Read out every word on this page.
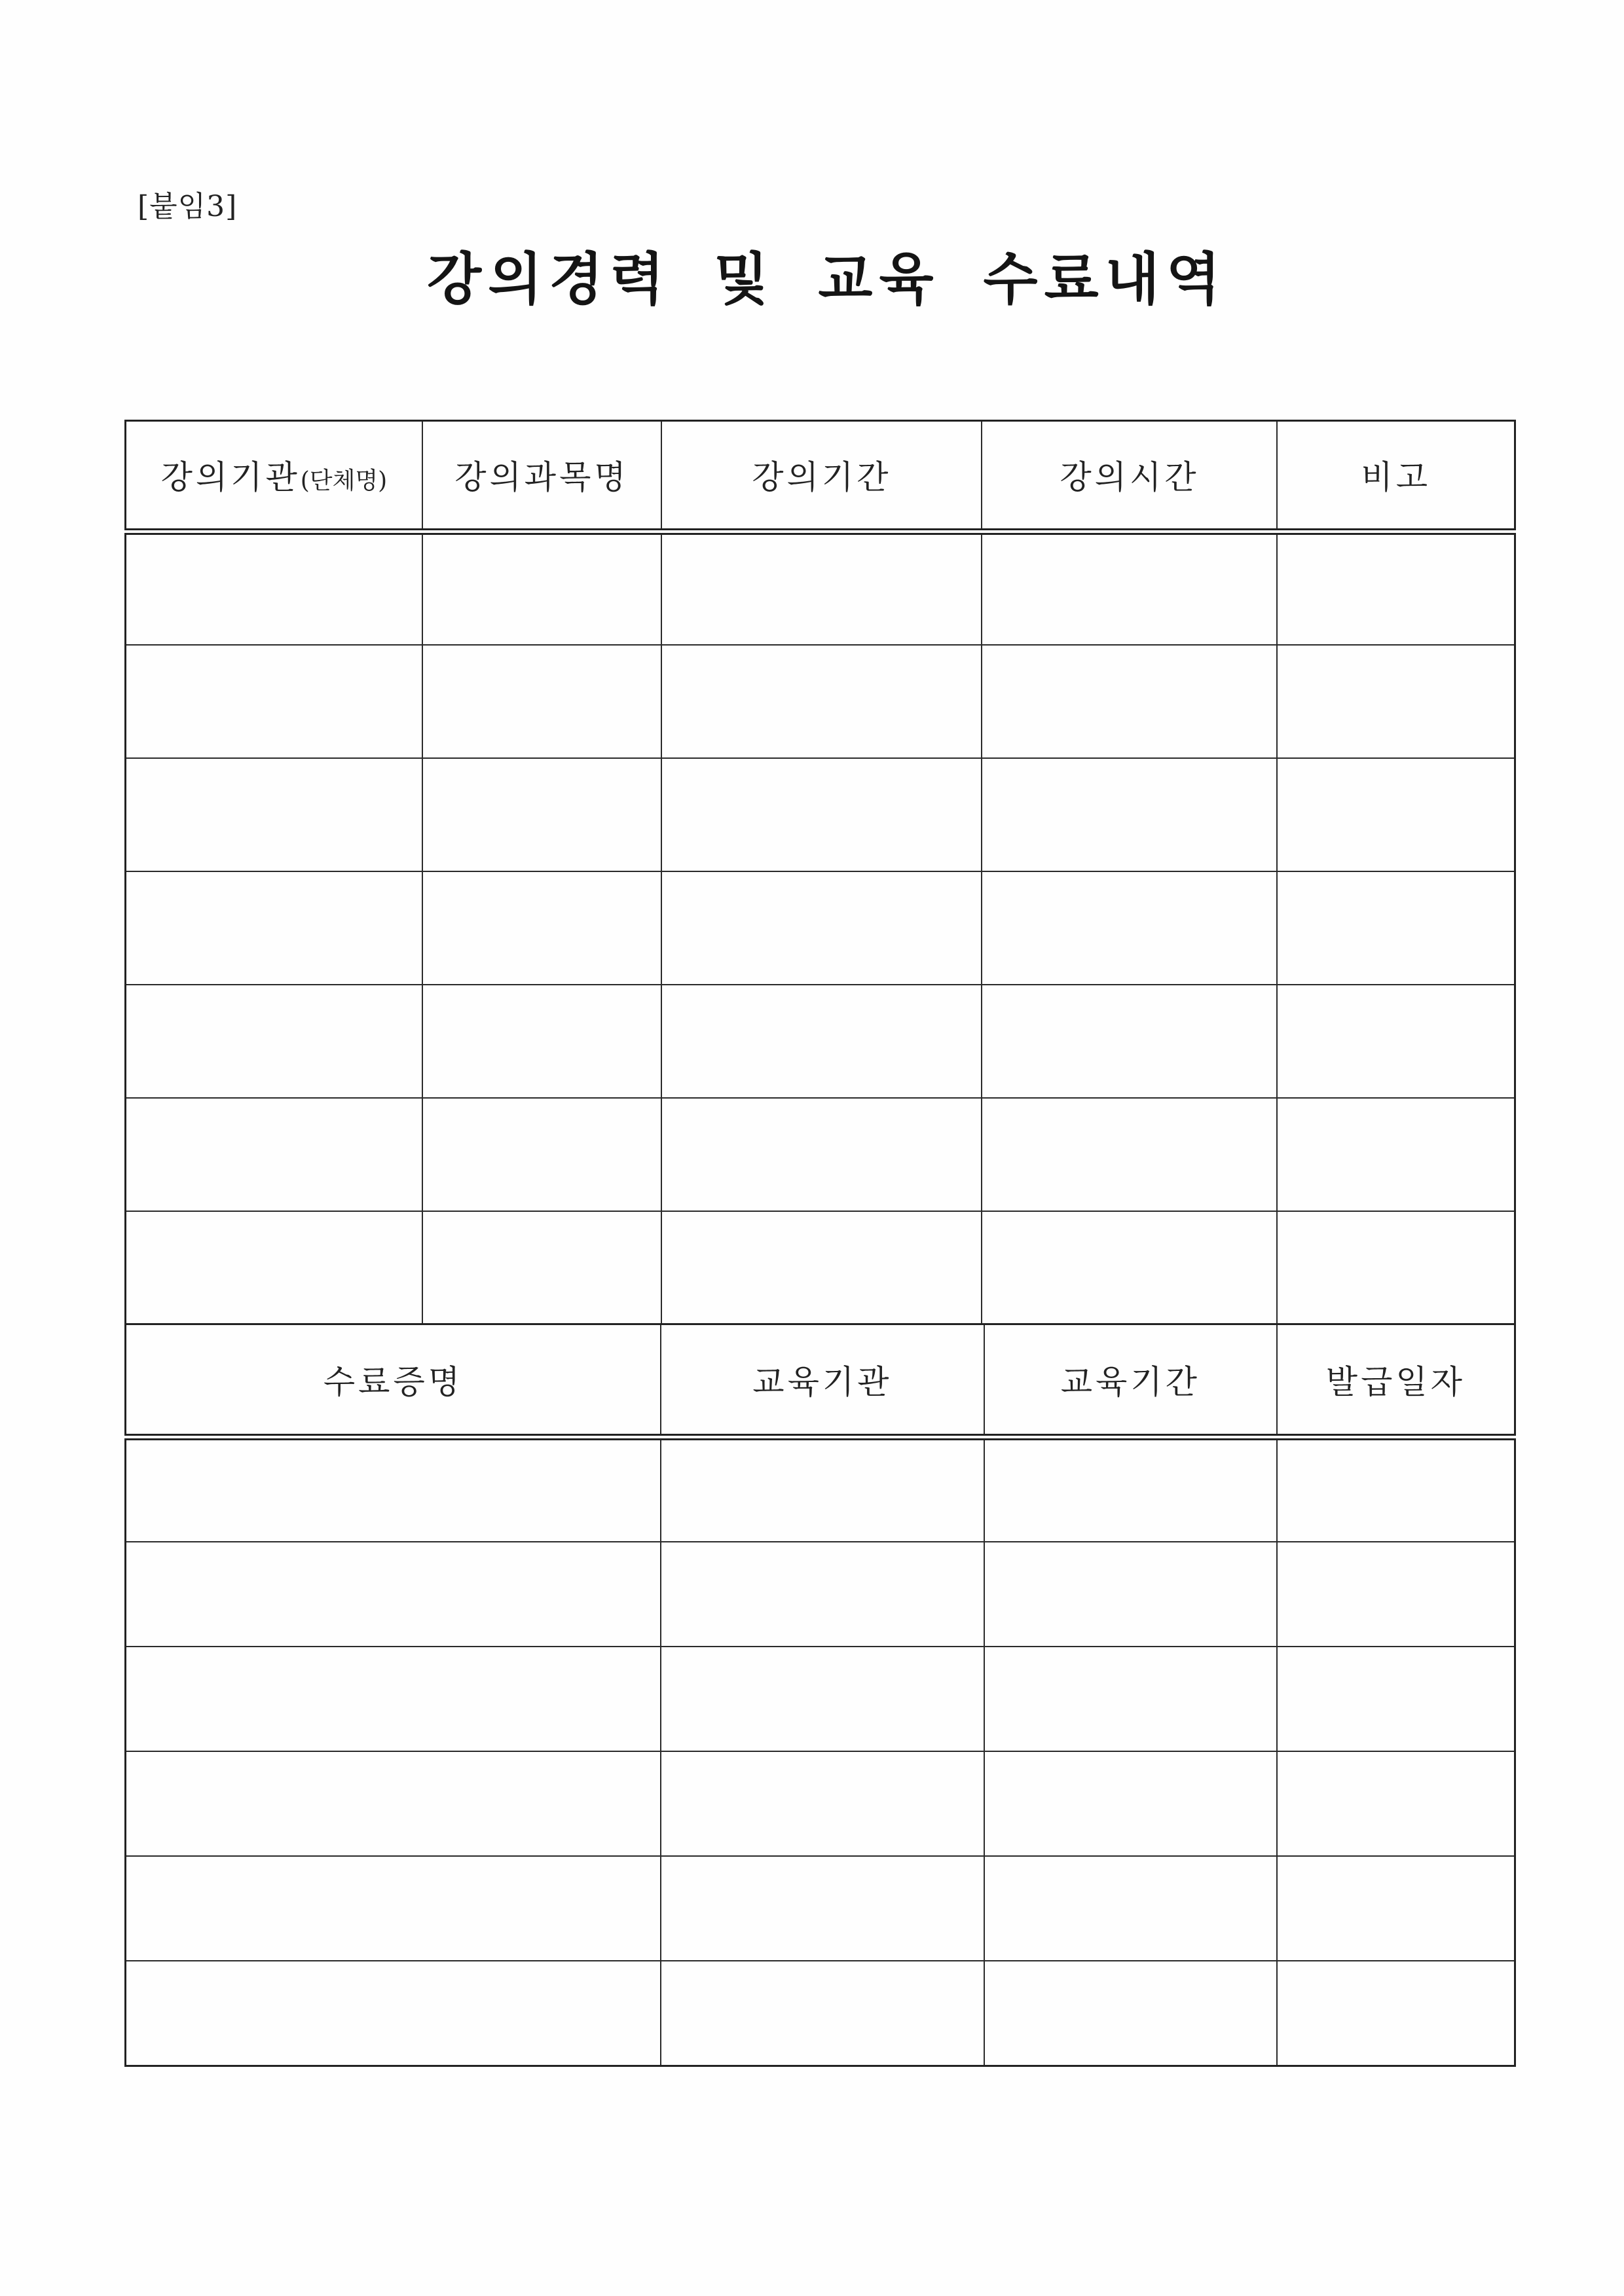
[붙임3]
강의경력 및 교육 수료내역
강의기관(단체명)	강의과목명	강의기간	강의시간	비고

수료증명	교육기관	교육기간	발급일자
